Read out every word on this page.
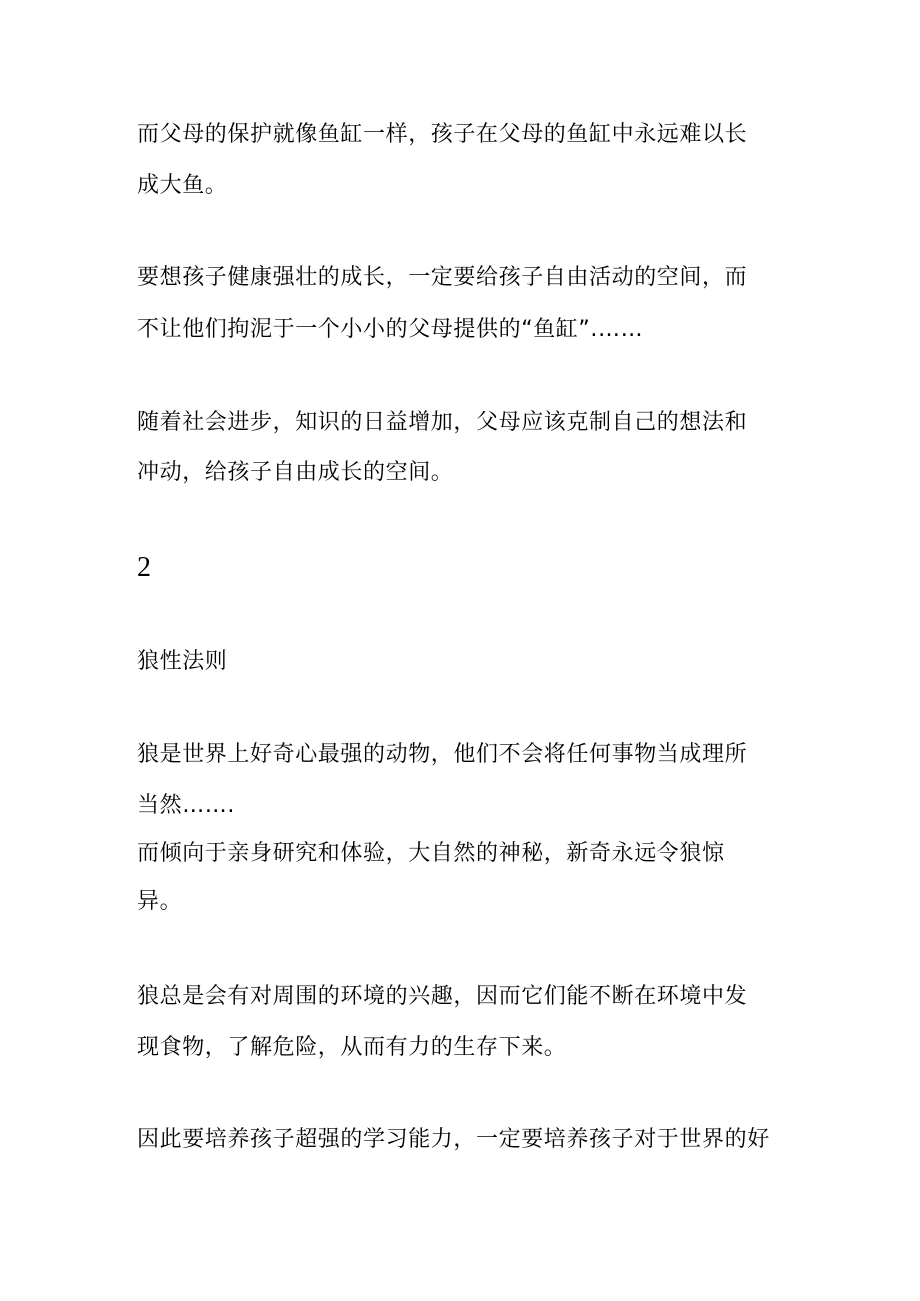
而父母的保护就像鱼缸一样，孩子在父母的鱼缸中永远难以长

成大鱼。

要想孩子健康强壮的成长，一定要给孩子自由活动的空间，而

不让他们拘泥于一个小小的父母提供的“鱼缸”.……

随着社会进步，知识的日益增加，父母应该克制自己的想法和

冲动，给孩子自由成长的空间。

2

狼性法则

狼是世界上好奇心最强的动物，他们不会将任何事物当成理所

当然…….

而倾向于亲身研究和体验，大自然的神秘，新奇永远令狼惊

异。

狼总是会有对周围的环境的兴趣，因而它们能不断在环境中发

现食物，了解危险，从而有力的生存下来。

因此要培养孩子超强的学习能力，一定要培养孩子对于世界的好
